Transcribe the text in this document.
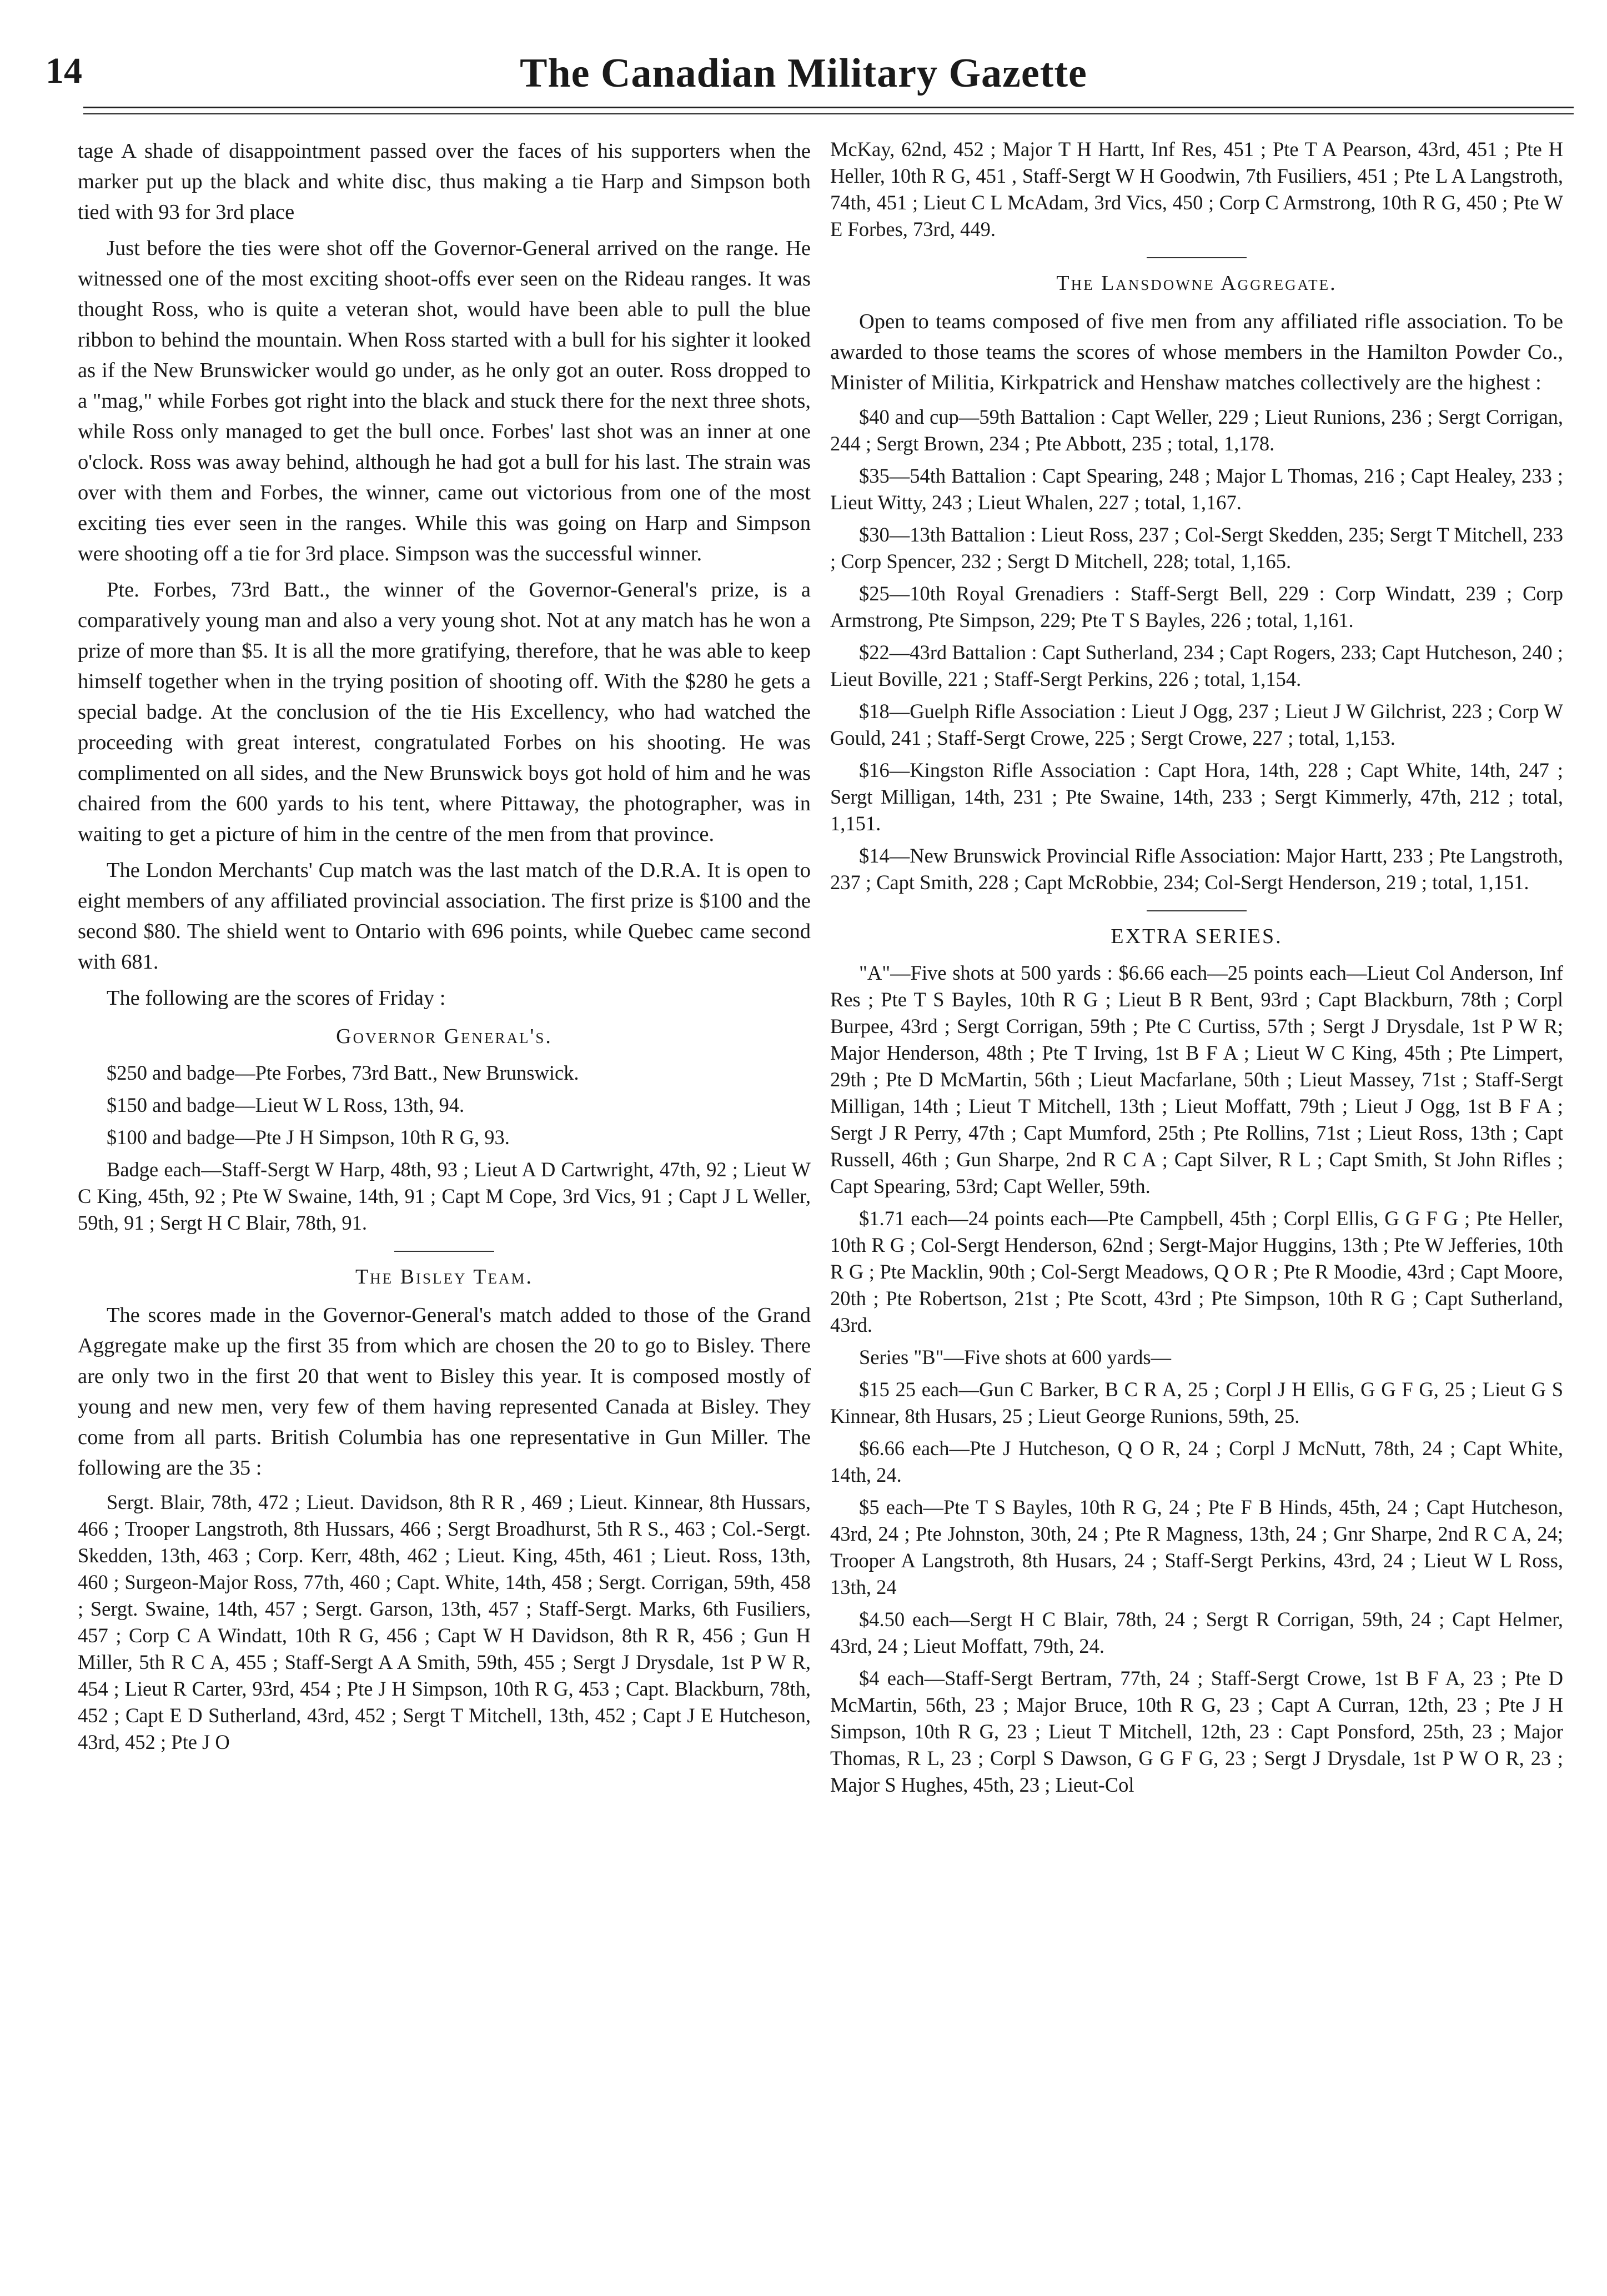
14	The Canadian Military Gazette

tage A shade of disappointment passed over the faces of his supporters when the marker put up the black and white disc, thus making a tie Harp and Simpson both tied with 93 for 3rd place

Just before the ties were shot off the Governor-General arrived on the range. He witnessed one of the most exciting shoot-offs ever seen on the Rideau ranges. It was thought Ross, who is quite a veteran shot, would have been able to pull the blue ribbon to behind the mountain. When Ross started with a bull for his sighter it looked as if the New Brunswicker would go under, as he only got an outer. Ross dropped to a "mag," while Forbes got right into the black and stuck there for the next three shots, while Ross only managed to get the bull once. Forbes' last shot was an inner at one o'clock. Ross was away behind, although he had got a bull for his last. The strain was over with them and Forbes, the winner, came out victorious from one of the most exciting ties ever seen in the ranges. While this was going on Harp and Simpson were shooting off a tie for 3rd place. Simpson was the successful winner.

Pte. Forbes, 73rd Batt., the winner of the Governor-General's prize, is a comparatively young man and also a very young shot. Not at any match has he won a prize of more than $5. It is all the more gratifying, therefore, that he was able to keep himself together when in the trying position of shooting off. With the $280 he gets a special badge. At the conclusion of the tie His Excellency, who had watched the proceeding with great interest, congratulated Forbes on his shooting. He was complimented on all sides, and the New Brunswick boys got hold of him and he was chaired from the 600 yards to his tent, where Pittaway, the photographer, was in waiting to get a picture of him in the centre of the men from that province.

The London Merchants' Cup match was the last match of the D.R.A. It is open to eight members of any affiliated provincial association. The first prize is $100 and the second $80. The shield went to Ontario with 696 points, while Quebec came second with 681.

The following are the scores of Friday :

Governor General's.

$250 and badge—Pte Forbes, 73rd Batt., New Brunswick.

$150 and badge—Lieut W L Ross, 13th, 94.

$100 and badge—Pte J H Simpson, 10th R G, 93.

Badge each—Staff-Sergt W Harp, 48th, 93 ; Lieut A D Cartwright, 47th, 92 ; Lieut W C King, 45th, 92 ; Pte W Swaine, 14th, 91 ; Capt M Cope, 3rd Vics, 91 ; Capt J L Weller, 59th, 91 ; Sergt H C Blair, 78th, 91.

The Bisley Team.

The scores made in the Governor-General's match added to those of the Grand Aggregate make up the first 35 from which are chosen the 20 to go to Bisley. There are only two in the first 20 that went to Bisley this year. It is composed mostly of young and new men, very few of them having represented Canada at Bisley. They come from all parts. British Columbia has one representative in Gun Miller. The following are the 35 :

Sergt. Blair, 78th, 472 ; Lieut. Davidson, 8th R R , 469 ; Lieut. Kinnear, 8th Hussars, 466 ; Trooper Langstroth, 8th Hussars, 466 ; Sergt Broadhurst, 5th R S., 463 ; Col.-Sergt. Skedden, 13th, 463 ; Corp. Kerr, 48th, 462 ; Lieut. King, 45th, 461 ; Lieut. Ross, 13th, 460 ; Surgeon-Major Ross, 77th, 460 ; Capt. White, 14th, 458 ; Sergt. Corrigan, 59th, 458 ; Sergt. Swaine, 14th, 457 ; Sergt. Garson, 13th, 457 ; Staff-Sergt. Marks, 6th Fusiliers, 457 ; Corp C A Windatt, 10th R G, 456 ; Capt W H Davidson, 8th R R, 456 ; Gun H Miller, 5th R C A, 455 ; Staff-Sergt A A Smith, 59th, 455 ; Sergt J Drysdale, 1st P W R, 454 ; Lieut R Carter, 93rd, 454 ; Pte J H Simpson, 10th R G, 453 ; Capt. Blackburn, 78th, 452 ; Capt E D Sutherland, 43rd, 452 ; Sergt T Mitchell, 13th, 452 ; Capt J E Hutcheson, 43rd, 452 ; Pte J O

McKay, 62nd, 452 ; Major T H Hartt, Inf Res, 451 ; Pte T A Pearson, 43rd, 451 ; Pte H Heller, 10th R G, 451 , Staff-Sergt W H Goodwin, 7th Fusiliers, 451 ; Pte L A Langstroth, 74th, 451 ; Lieut C L McAdam, 3rd Vics, 450 ; Corp C Armstrong, 10th R G, 450 ; Pte W E Forbes, 73rd, 449.

The Lansdowne Aggregate.

Open to teams composed of five men from any affiliated rifle association. To be awarded to those teams the scores of whose members in the Hamilton Powder Co., Minister of Militia, Kirkpatrick and Henshaw matches collectively are the highest :

$40 and cup—59th Battalion : Capt Weller, 229 ; Lieut Runions, 236 ; Sergt Corrigan, 244 ; Sergt Brown, 234 ; Pte Abbott, 235 ; total, 1,178.

$35—54th Battalion : Capt Spearing, 248 ; Major L Thomas, 216 ; Capt Healey, 233 ; Lieut Witty, 243 ; Lieut Whalen, 227 ; total, 1,167.

$30—13th Battalion : Lieut Ross, 237 ; Col-Sergt Skedden, 235; Sergt T Mitchell, 233 ; Corp Spencer, 232 ; Sergt D Mitchell, 228; total, 1,165.

$25—10th Royal Grenadiers : Staff-Sergt Bell, 229 : Corp Windatt, 239 ; Corp Armstrong, Pte Simpson, 229; Pte T S Bayles, 226 ; total, 1,161.

$22—43rd Battalion : Capt Sutherland, 234 ; Capt Rogers, 233; Capt Hutcheson, 240 ; Lieut Boville, 221 ; Staff-Sergt Perkins, 226 ; total, 1,154.

$18—Guelph Rifle Association : Lieut J Ogg, 237 ; Lieut J W Gilchrist, 223 ; Corp W Gould, 241 ; Staff-Sergt Crowe, 225 ; Sergt Crowe, 227 ; total, 1,153.

$16—Kingston Rifle Association : Capt Hora, 14th, 228 ; Capt White, 14th, 247 ; Sergt Milligan, 14th, 231 ; Pte Swaine, 14th, 233 ; Sergt Kimmerly, 47th, 212 ; total, 1,151.

$14—New Brunswick Provincial Rifle Association: Major Hartt, 233 ; Pte Langstroth, 237 ; Capt Smith, 228 ; Capt McRobbie, 234; Col-Sergt Henderson, 219 ; total, 1,151.

EXTRA SERIES.

"A"—Five shots at 500 yards : $6.66 each—25 points each—Lieut Col Anderson, Inf Res ; Pte T S Bayles, 10th R G ; Lieut B R Bent, 93rd ; Capt Blackburn, 78th ; Corpl Burpee, 43rd ; Sergt Corrigan, 59th ; Pte C Curtiss, 57th ; Sergt J Drysdale, 1st P W R; Major Henderson, 48th ; Pte T Irving, 1st B F A ; Lieut W C King, 45th ; Pte Limpert, 29th ; Pte D McMartin, 56th ; Lieut Macfarlane, 50th ; Lieut Massey, 71st ; Staff-Sergt Milligan, 14th ; Lieut T Mitchell, 13th ; Lieut Moffatt, 79th ; Lieut J Ogg, 1st B F A ; Sergt J R Perry, 47th ; Capt Mumford, 25th ; Pte Rollins, 71st ; Lieut Ross, 13th ; Capt Russell, 46th ; Gun Sharpe, 2nd R C A ; Capt Silver, R L ; Capt Smith, St John Rifles ; Capt Spearing, 53rd; Capt Weller, 59th.

$1.71 each—24 points each—Pte Campbell, 45th ; Corpl Ellis, G G F G ; Pte Heller, 10th R G ; Col-Sergt Henderson, 62nd ; Sergt-Major Huggins, 13th ; Pte W Jefferies, 10th R G ; Pte Macklin, 90th ; Col-Sergt Meadows, Q O R ; Pte R Moodie, 43rd ; Capt Moore, 20th ; Pte Robertson, 21st ; Pte Scott, 43rd ; Pte Simpson, 10th R G ; Capt Sutherland, 43rd.

Series "B"—Five shots at 600 yards—

$15 25 each—Gun C Barker, B C R A, 25 ; Corpl J H Ellis, G G F G, 25 ; Lieut G S Kinnear, 8th Husars, 25 ; Lieut George Runions, 59th, 25.

$6.66 each—Pte J Hutcheson, Q O R, 24 ; Corpl J McNutt, 78th, 24 ; Capt White, 14th, 24.

$5 each—Pte T S Bayles, 10th R G, 24 ; Pte F B Hinds, 45th, 24 ; Capt Hutcheson, 43rd, 24 ; Pte Johnston, 30th, 24 ; Pte R Magness, 13th, 24 ; Gnr Sharpe, 2nd R C A, 24; Trooper A Langstroth, 8th Husars, 24 ; Staff-Sergt Perkins, 43rd, 24 ; Lieut W L Ross, 13th, 24

$4.50 each—Sergt H C Blair, 78th, 24 ; Sergt R Corrigan, 59th, 24 ; Capt Helmer, 43rd, 24 ; Lieut Moffatt, 79th, 24.

$4 each—Staff-Sergt Bertram, 77th, 24 ; Staff-Sergt Crowe, 1st B F A, 23 ; Pte D McMartin, 56th, 23 ; Major Bruce, 10th R G, 23 ; Capt A Curran, 12th, 23 ; Pte J H Simpson, 10th R G, 23 ; Lieut T Mitchell, 12th, 23 : Capt Ponsford, 25th, 23 ; Major Thomas, R L, 23 ; Corpl S Dawson, G G F G, 23 ; Sergt J Drysdale, 1st P W O R, 23 ; Major S Hughes, 45th, 23 ; Lieut-Col
